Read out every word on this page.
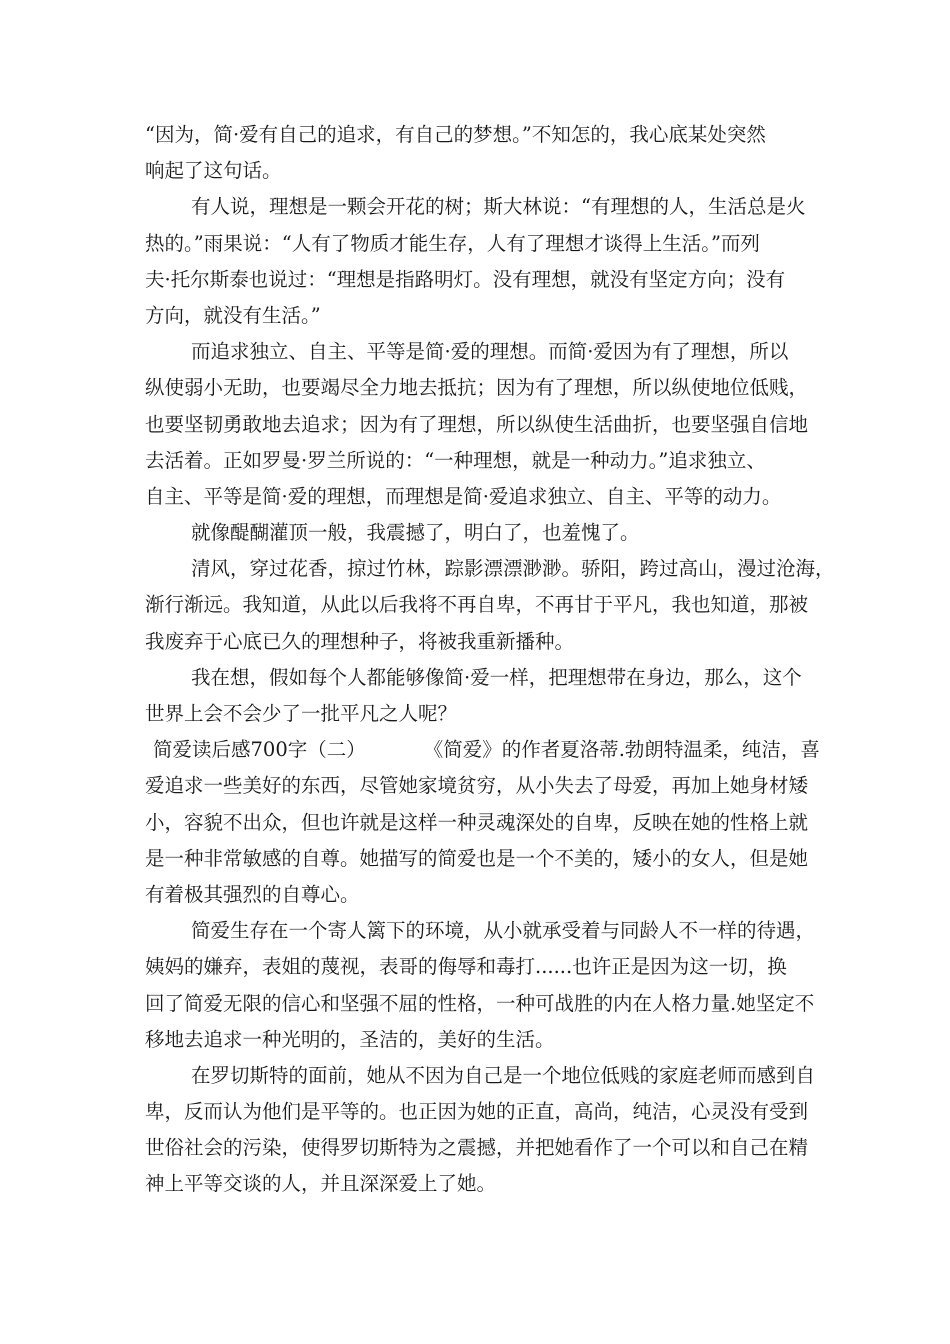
“因为，简·爱有自己的追求，有自己的梦想。”不知怎的，我心底某处突然
响起了这句话。
有人说，理想是一颗会开花的树；斯大林说：“有理想的人，生活总是火
热的。”雨果说：“人有了物质才能生存，人有了理想才谈得上生活。”而列
夫·托尔斯泰也说过：“理想是指路明灯。没有理想，就没有坚定方向；没有
方向，就没有生活。”
而追求独立、自主、平等是简·爱的理想。而简·爱因为有了理想，所以
纵使弱小无助，也要竭尽全力地去抵抗；因为有了理想，所以纵使地位低贱，
也要坚韧勇敢地去追求；因为有了理想，所以纵使生活曲折，也要坚强自信地
去活着。正如罗曼·罗兰所说的：“一种理想，就是一种动力。”追求独立、
自主、平等是简·爱的理想，而理想是简·爱追求独立、自主、平等的动力。
就像醍醐灌顶一般，我震撼了，明白了，也羞愧了。
清风，穿过花香，掠过竹林，踪影漂漂渺渺。骄阳，跨过高山，漫过沧海，
渐行渐远。我知道，从此以后我将不再自卑，不再甘于平凡，我也知道，那被
我废弃于心底已久的理想种子，将被我重新播种。
我在想，假如每个人都能够像简·爱一样，把理想带在身边，那么，这个
世界上会不会少了一批平凡之人呢？
简爱读后感700字（二）	《简爱》的作者夏洛蒂.勃朗特温柔，纯洁，喜
爱追求一些美好的东西，尽管她家境贫穷，从小失去了母爱，再加上她身材矮
小，容貌不出众，但也许就是这样一种灵魂深处的自卑，反映在她的性格上就
是一种非常敏感的自尊。她描写的简爱也是一个不美的，矮小的女人，但是她
有着极其强烈的自尊心。
简爱生存在一个寄人篱下的环境，从小就承受着与同龄人不一样的待遇，
姨妈的嫌弃，表姐的蔑视，表哥的侮辱和毒打......也许正是因为这一切，换
回了简爱无限的信心和坚强不屈的性格，一种可战胜的内在人格力量.她坚定不
移地去追求一种光明的，圣洁的，美好的生活。
在罗切斯特的面前，她从不因为自己是一个地位低贱的家庭老师而感到自
卑，反而认为他们是平等的。也正因为她的正直，高尚，纯洁，心灵没有受到
世俗社会的污染，使得罗切斯特为之震撼，并把她看作了一个可以和自己在精
神上平等交谈的人，并且深深爱上了她。
